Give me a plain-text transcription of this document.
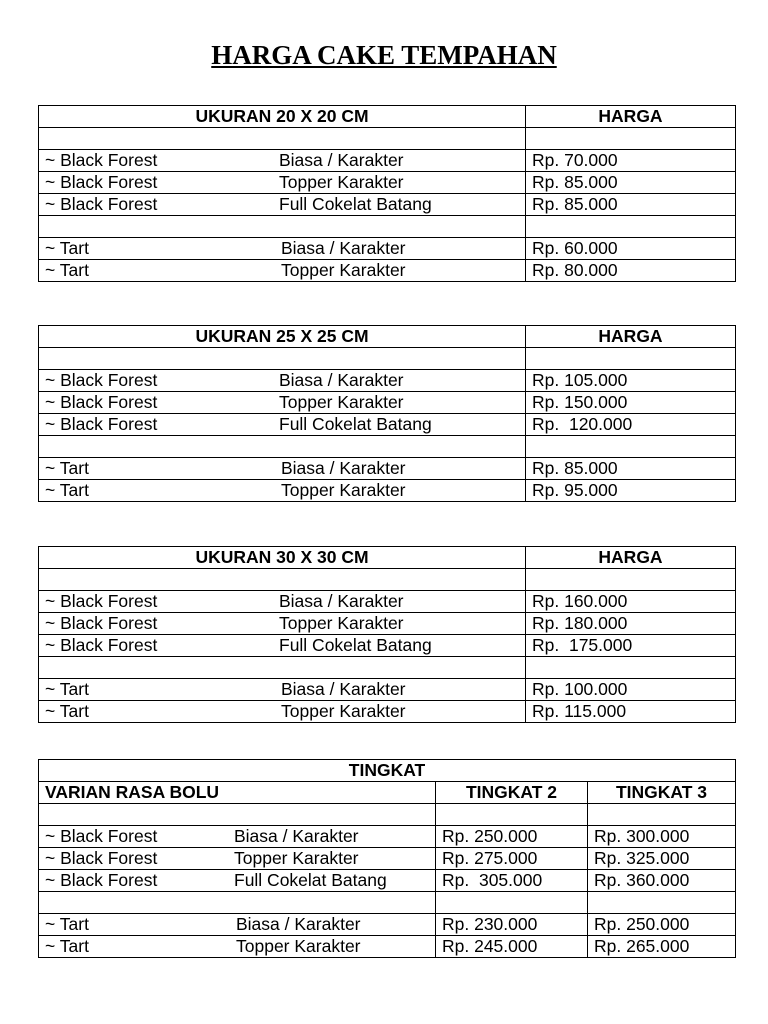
HARGA CAKE TEMPAHAN
UKURAN 20 X 20 CM	HARGA

~ Black Forest Biasa / Karakter	Rp. 70.000
~ Black Forest Topper Karakter	Rp. 85.000
~ Black Forest Full Cokelat Batang	Rp. 85.000

~ Tart Biasa / Karakter	Rp. 60.000
~ Tart Topper Karakter	Rp. 80.000
UKURAN 25 X 25 CM	HARGA

~ Black Forest Biasa / Karakter	Rp. 105.000
~ Black Forest Topper Karakter	Rp. 150.000
~ Black Forest Full Cokelat Batang	Rp.  120.000

~ Tart Biasa / Karakter	Rp. 85.000
~ Tart Topper Karakter	Rp. 95.000
UKURAN 30 X 30 CM	HARGA

~ Black Forest Biasa / Karakter	Rp. 160.000
~ Black Forest Topper Karakter	Rp. 180.000
~ Black Forest Full Cokelat Batang	Rp.  175.000

~ Tart Biasa / Karakter	Rp. 100.000
~ Tart Topper Karakter	Rp. 115.000
TINGKAT		
VARIAN RASA BOLU	TINGKAT 2	TINGKAT 3

~ Black Forest Biasa / Karakter	Rp. 250.000	Rp. 300.000
~ Black Forest Topper Karakter	Rp. 275.000	Rp. 325.000
~ Black Forest Full Cokelat Batang	Rp.  305.000	Rp. 360.000

~ Tart Biasa / Karakter	Rp. 230.000	Rp. 250.000
~ Tart Topper Karakter	Rp. 245.000	Rp. 265.000
